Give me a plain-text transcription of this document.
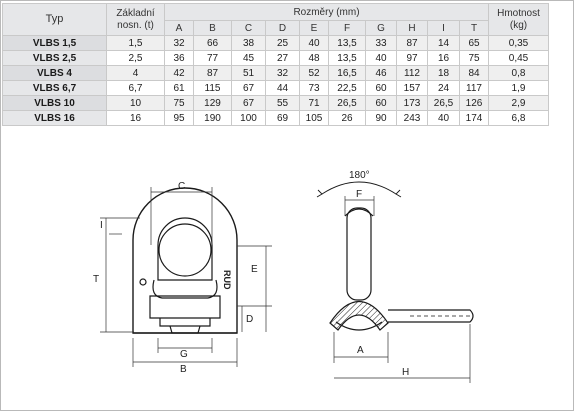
Typ	Základní nosn. (t)	Rozměry (mm)										Hmotnost (kg)

		A	B	C	D	E	F	G	H	I	T	
VLBS 1,5	1,5	32	66	38	25	40	13,5	33	87	14	65	0,35
VLBS 2,5	2,5	36	77	45	27	48	13,5	40	97	16	75	0,45
VLBS 4	4	42	87	51	32	52	16,5	46	112	18	84	0,8
VLBS 6,7	6,7	61	115	67	44	73	22,5	60	157	24	117	1,9
VLBS 10	10	75	129	67	55	71	26,5	60	173	26,5	126	2,9
VLBS 16	16	95	190	100	69	105	26	90	243	40	174	6,8
C
I
T
E
D
G
B
RUD
180°
F
A
H
